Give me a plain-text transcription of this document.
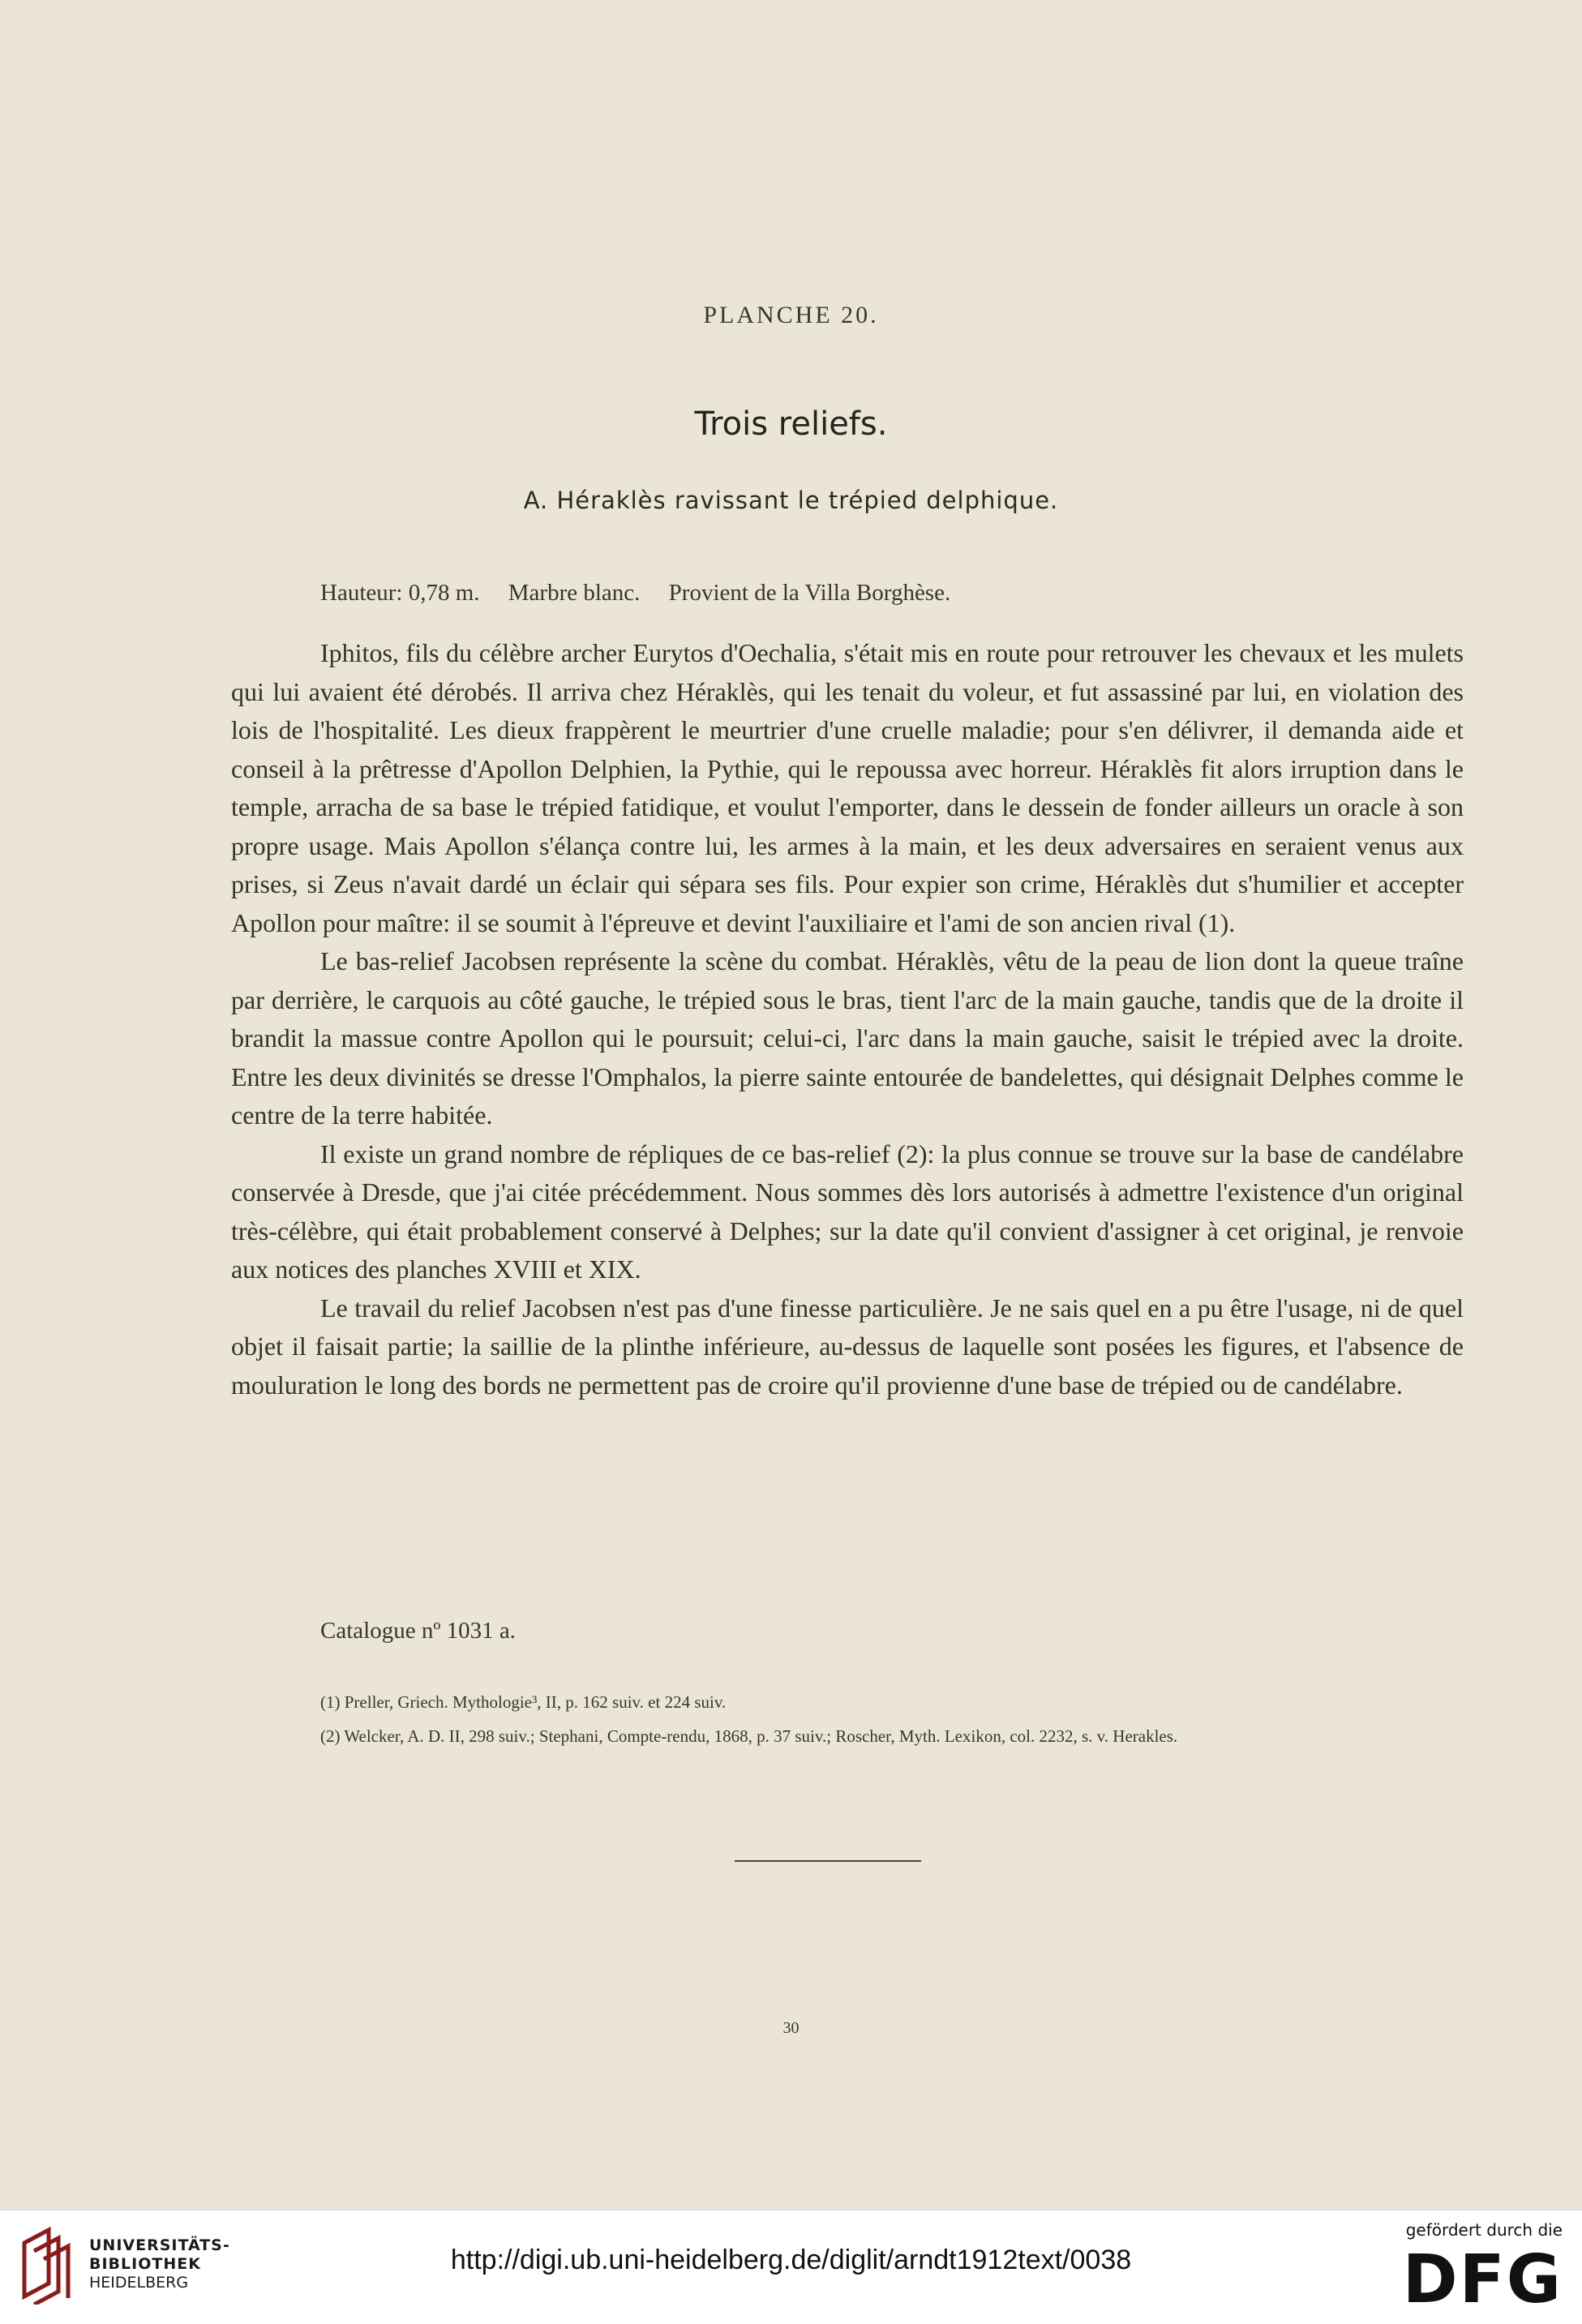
PLANCHE 20.
Trois reliefs.
A. Héraklès ravissant le trépied delphique.
Hauteur: 0,78 m. Marbre blanc. Provient de la Villa Borghèse.

Iphitos, fils du célèbre archer Eurytos d'Oechalia, s'était mis en route pour retrouver les chevaux et les mulets qui lui avaient été dérobés. Il arriva chez Héraklès, qui les tenait du voleur, et fut assassiné par lui, en violation des lois de l'hospitalité. Les dieux frappèrent le meurtrier d'une cruelle maladie; pour s'en délivrer, il demanda aide et conseil à la prêtresse d'Apollon Delphien, la Pythie, qui le repoussa avec horreur. Héraklès fit alors irruption dans le temple, arracha de sa base le trépied fatidique, et voulut l'emporter, dans le dessein de fonder ailleurs un oracle à son propre usage. Mais Apollon s'élança contre lui, les armes à la main, et les deux adversaires en seraient venus aux prises, si Zeus n'avait dardé un éclair qui sépara ses fils. Pour expier son crime, Héraklès dut s'humilier et accepter Apollon pour maître: il se soumit à l'épreuve et devint l'auxiliaire et l'ami de son ancien rival (1).

Le bas-relief Jacobsen représente la scène du combat. Héraklès, vêtu de la peau de lion dont la queue traîne par derrière, le carquois au côté gauche, le trépied sous le bras, tient l'arc de la main gauche, tandis que de la droite il brandit la massue contre Apollon qui le poursuit; celui-ci, l'arc dans la main gauche, saisit le trépied avec la droite. Entre les deux divinités se dresse l'Omphalos, la pierre sainte entourée de bandelettes, qui désignait Delphes comme le centre de la terre habitée.

Il existe un grand nombre de répliques de ce bas-relief (2): la plus connue se trouve sur la base de candélabre conservée à Dresde, que j'ai citée précédemment. Nous sommes dès lors autorisés à admettre l'existence d'un original très-célèbre, qui était probablement conservé à Delphes; sur la date qu'il convient d'assigner à cet original, je renvoie aux notices des planches XVIII et XIX.

Le travail du relief Jacobsen n'est pas d'une finesse particulière. Je ne sais quel en a pu être l'usage, ni de quel objet il faisait partie; la saillie de la plinthe inférieure, au-dessus de laquelle sont posées les figures, et l'absence de mouluration le long des bords ne permettent pas de croire qu'il provienne d'une base de trépied ou de candélabre.

Catalogue nº 1031 a.
(1) Preller, Griech. Mythologie³, II, p. 162 suiv. et 224 suiv.
(2) Welcker, A. D. II, 298 suiv.; Stephani, Compte-rendu, 1868, p. 37 suiv.; Roscher, Myth. Lexikon, col. 2232, s. v. Herakles.
30
UNIVERSITÄTS-
BIBLIOTHEK
HEIDELBERG
http://digi.ub.uni-heidelberg.de/diglit/arndt1912text/0038
gefördert durch die
DFG
